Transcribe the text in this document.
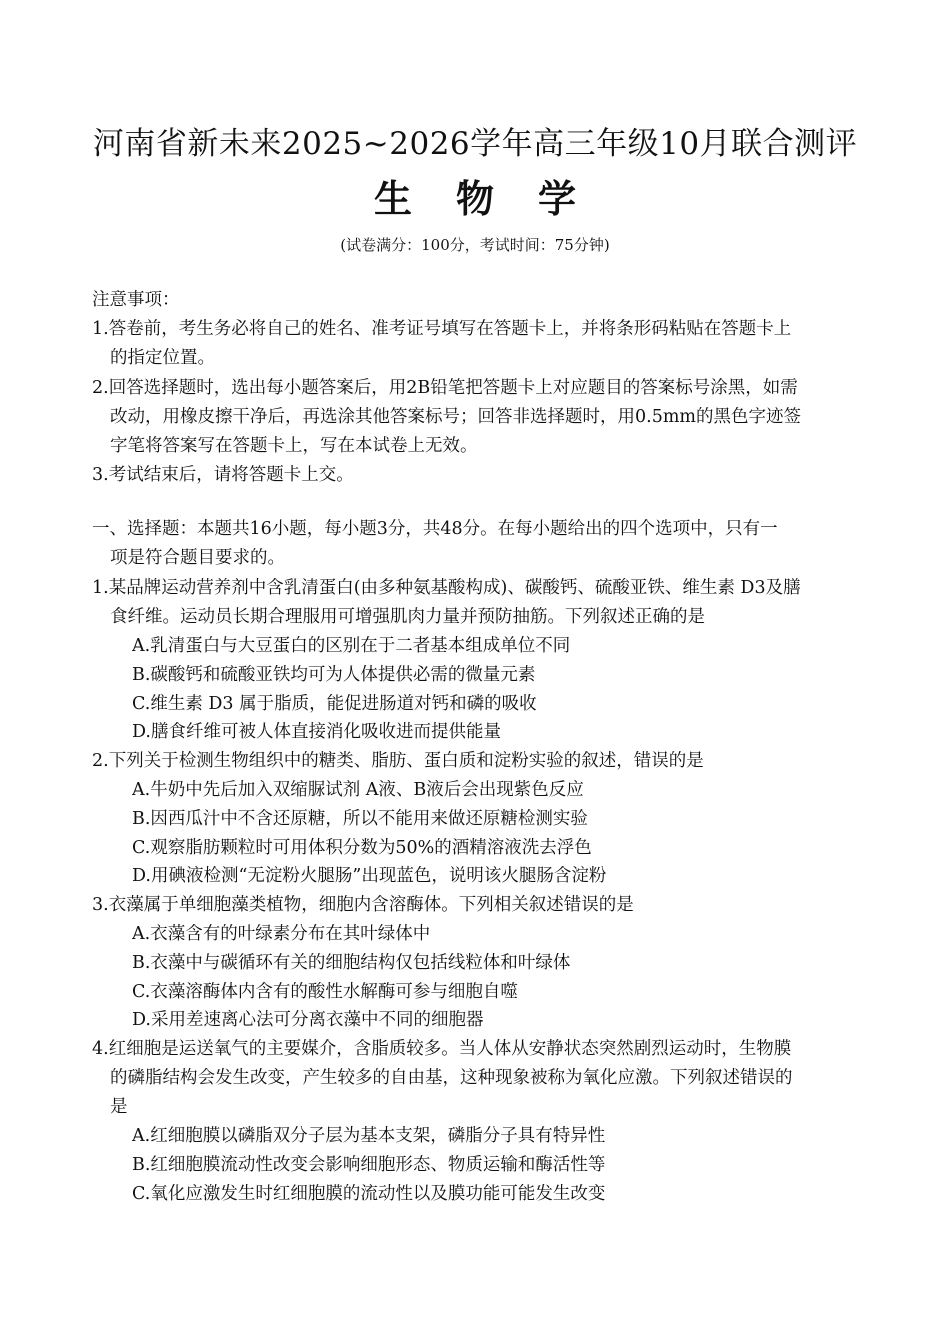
河南省新未来2025~2026学年高三年级10月联合测评
生物学
(试卷满分：100分，考试时间：75分钟)
注意事项：
1.答卷前，考生务必将自己的姓名、准考证号填写在答题卡上，并将条形码粘贴在答题卡上
的指定位置。
2.回答选择题时，选出每小题答案后，用2B铅笔把答题卡上对应题目的答案标号涂黑，如需
改动，用橡皮擦干净后，再选涂其他答案标号；回答非选择题时，用0.5mm的黑色字迹签
字笔将答案写在答题卡上，写在本试卷上无效。
3.考试结束后，请将答题卡上交。
一、选择题：本题共16小题，每小题3分，共48分。在每小题给出的四个选项中，只有一
项是符合题目要求的。
1.某品牌运动营养剂中含乳清蛋白(由多种氨基酸构成)、碳酸钙、硫酸亚铁、维生素 D3及膳
食纤维。运动员长期合理服用可增强肌肉力量并预防抽筋。下列叙述正确的是
A.乳清蛋白与大豆蛋白的区别在于二者基本组成单位不同
B.碳酸钙和硫酸亚铁均可为人体提供必需的微量元素
C.维生素 D3 属于脂质，能促进肠道对钙和磷的吸收
D.膳食纤维可被人体直接消化吸收进而提供能量
2.下列关于检测生物组织中的糖类、脂肪、蛋白质和淀粉实验的叙述，错误的是
A.牛奶中先后加入双缩脲试剂 A液、B液后会出现紫色反应
B.因西瓜汁中不含还原糖，所以不能用来做还原糖检测实验
C.观察脂肪颗粒时可用体积分数为50%的酒精溶液洗去浮色
D.用碘液检测“无淀粉火腿肠”出现蓝色，说明该火腿肠含淀粉
3.衣藻属于单细胞藻类植物，细胞内含溶酶体。下列相关叙述错误的是
A.衣藻含有的叶绿素分布在其叶绿体中
B.衣藻中与碳循环有关的细胞结构仅包括线粒体和叶绿体
C.衣藻溶酶体内含有的酸性水解酶可参与细胞自噬
D.采用差速离心法可分离衣藻中不同的细胞器
4.红细胞是运送氧气的主要媒介，含脂质较多。当人体从安静状态突然剧烈运动时，生物膜
的磷脂结构会发生改变，产生较多的自由基，这种现象被称为氧化应激。下列叙述错误的
是
A.红细胞膜以磷脂双分子层为基本支架，磷脂分子具有特异性
B.红细胞膜流动性改变会影响细胞形态、物质运输和酶活性等
C.氧化应激发生时红细胞膜的流动性以及膜功能可能发生改变
